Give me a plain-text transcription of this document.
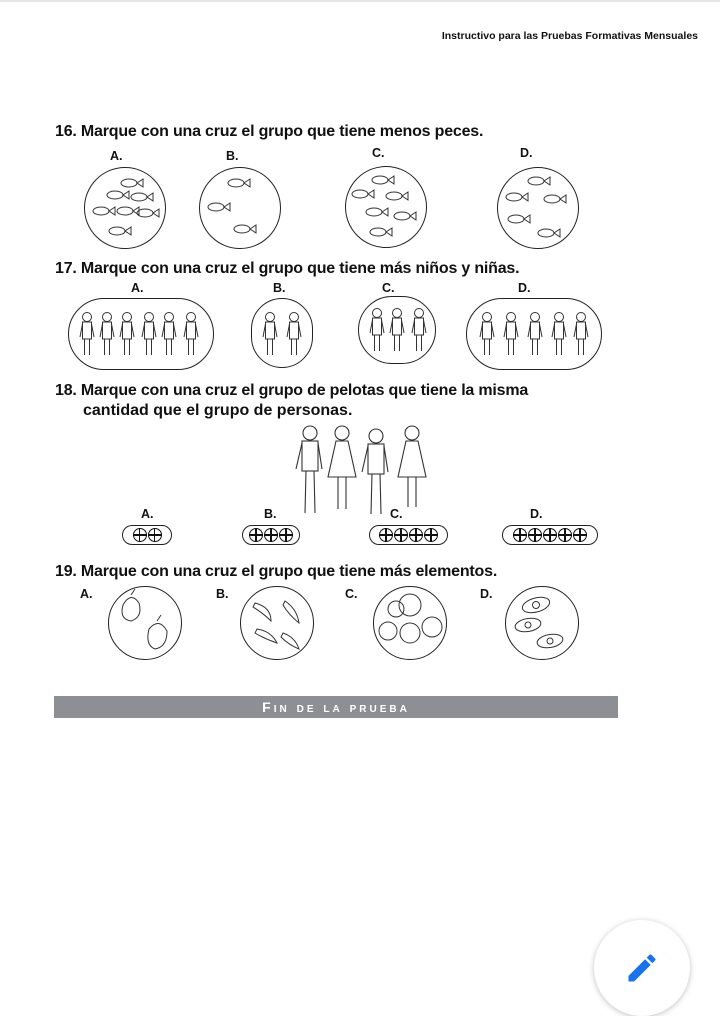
Instructivo para las Pruebas Formativas Mensuales
16. Marque con una cruz el grupo que tiene menos peces.
A.	B.	C.	D.
17. Marque con una cruz el grupo que tiene más niños y niñas.
A.	B.	C.	D.
18. Marque con una cruz el grupo de pelotas que tiene la misma
cantidad que el grupo de personas.
A.	B.	C.	D.
19. Marque con una cruz el grupo que tiene más elementos.
A.	B.	C.	D.
Fin de la prueba
